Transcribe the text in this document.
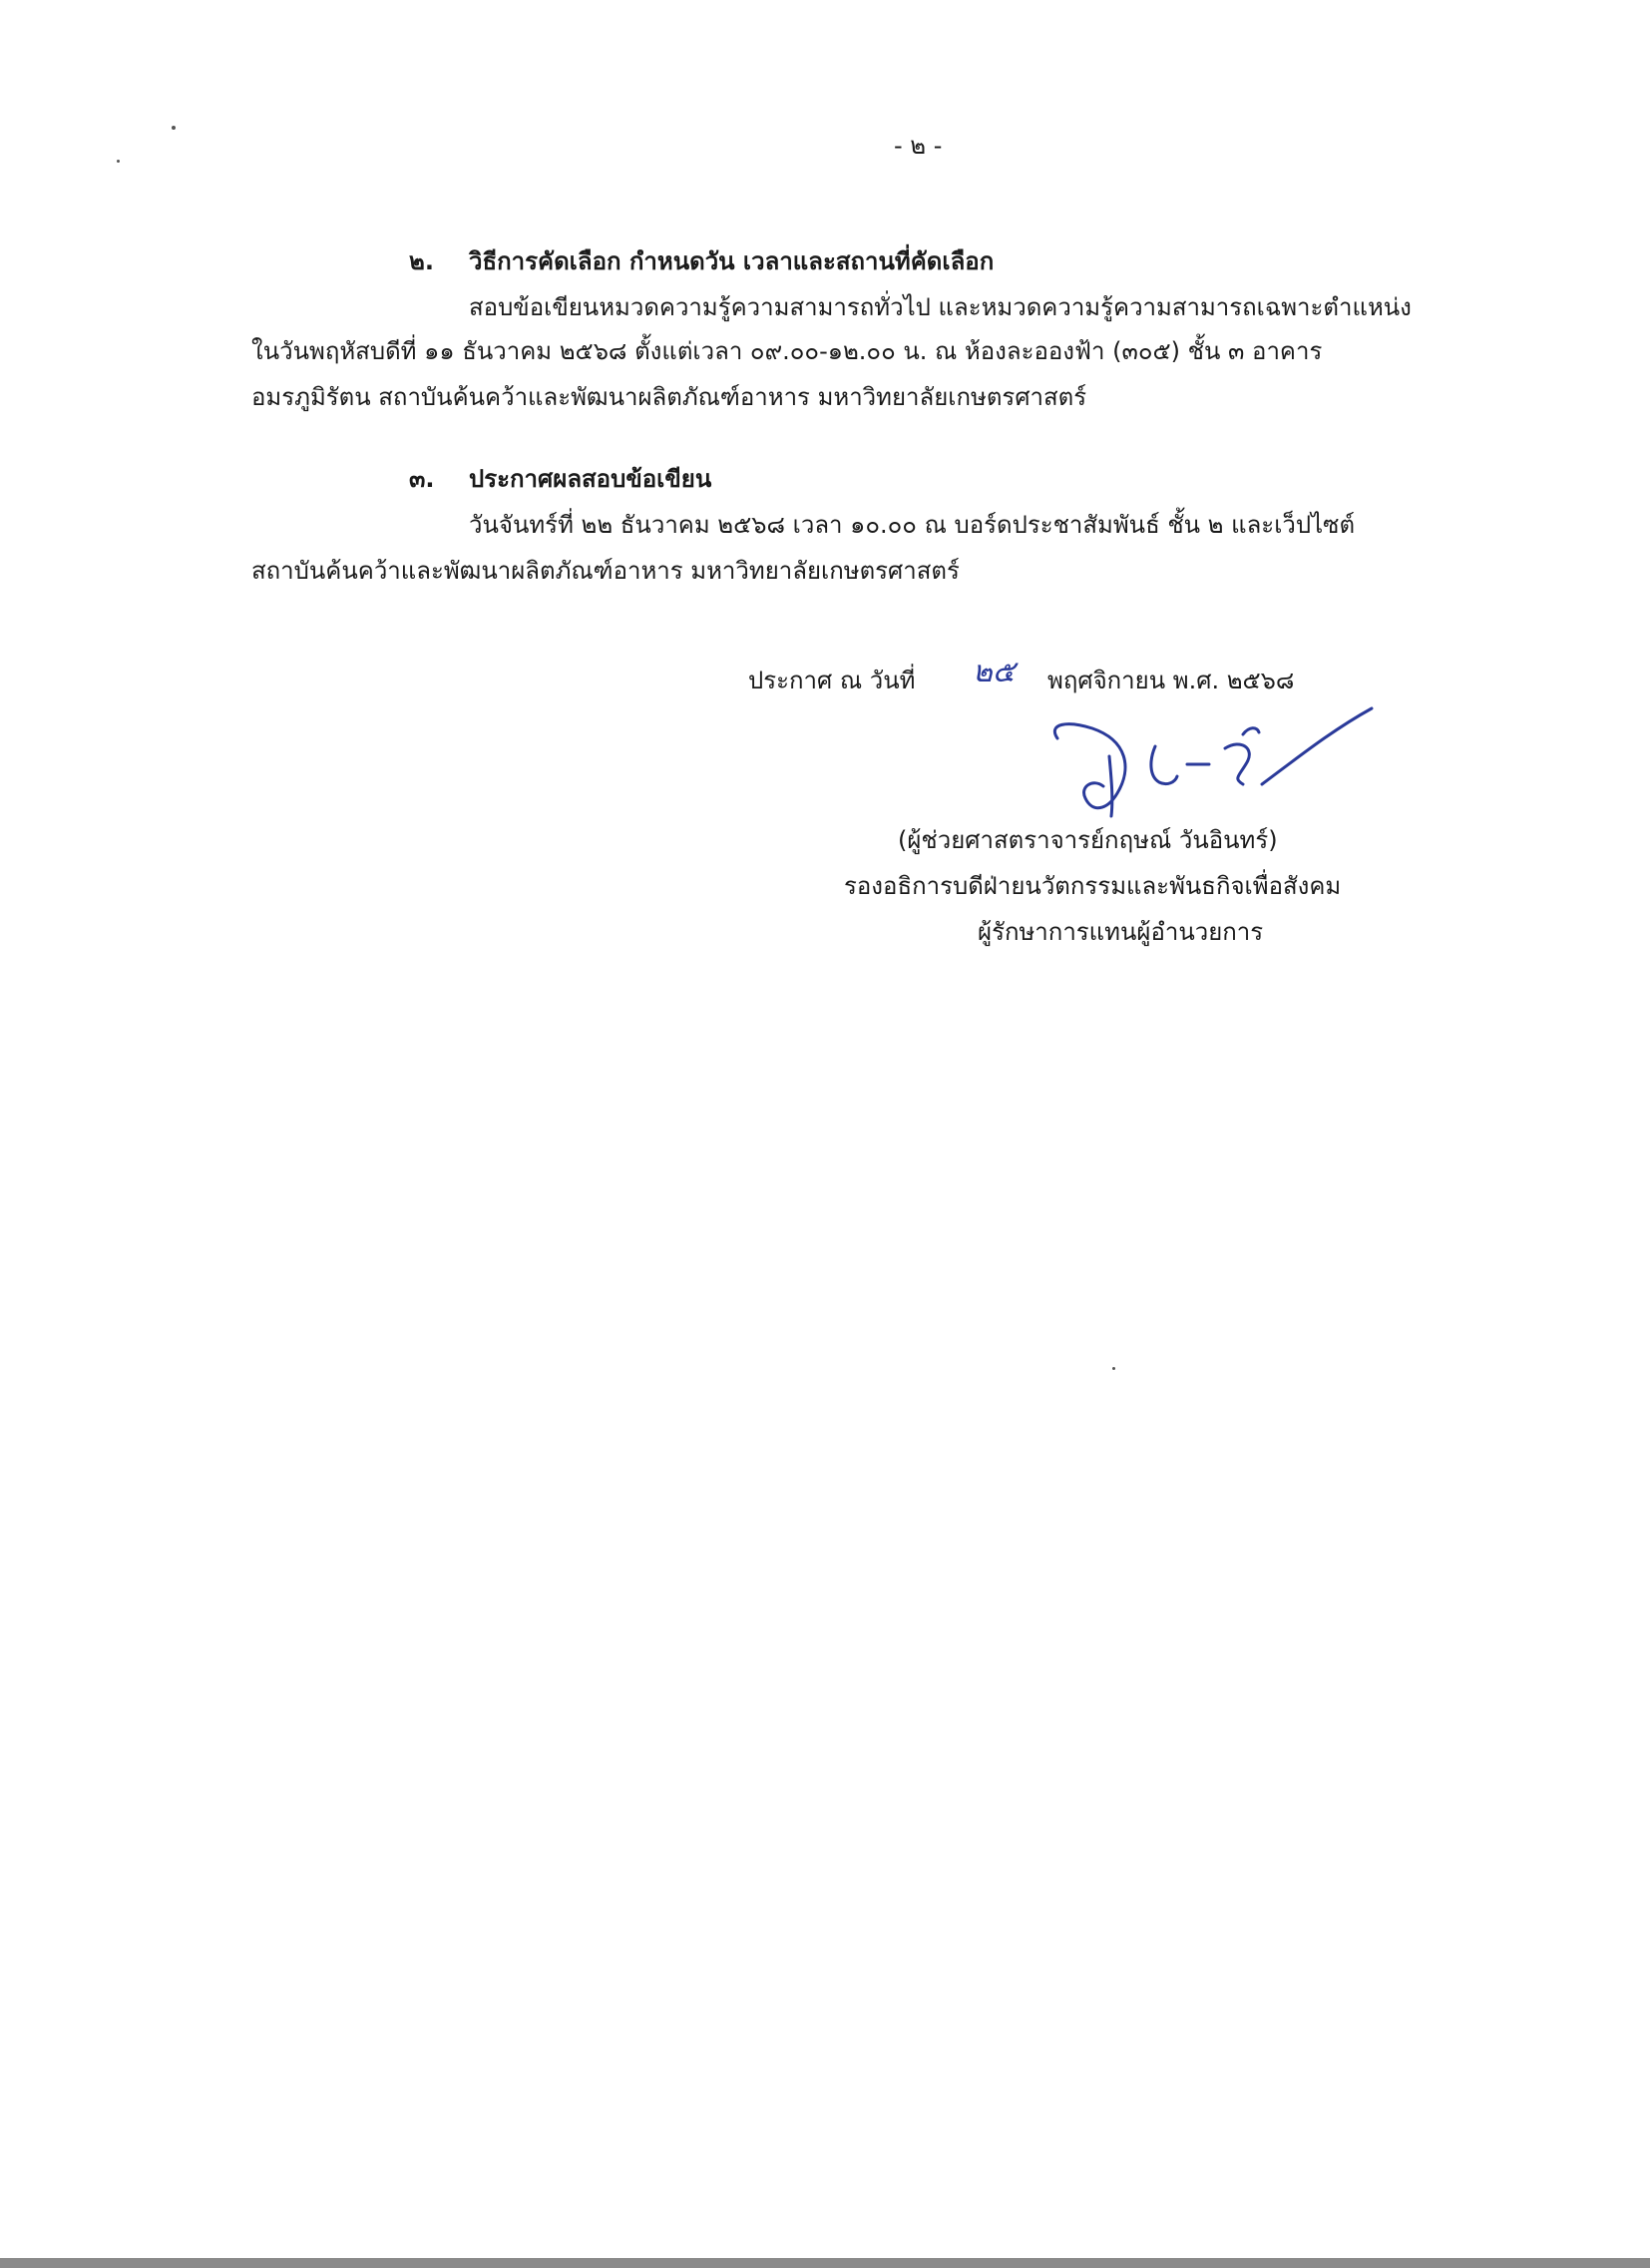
- ๒ -
๒. วิธีการคัดเลือก กำหนดวัน เวลาและสถานที่คัดเลือก
สอบข้อเขียนหมวดความรู้ความสามารถทั่วไป และหมวดความรู้ความสามารถเฉพาะตำแหน่ง
ในวันพฤหัสบดีที่ ๑๑ ธันวาคม ๒๕๖๘ ตั้งแต่เวลา ๐๙.๐๐-๑๒.๐๐ น. ณ ห้องละอองฟ้า (๓๐๕) ชั้น ๓ อาคาร
อมรภูมิรัตน สถาบันค้นคว้าและพัฒนาผลิตภัณฑ์อาหาร มหาวิทยาลัยเกษตรศาสตร์
๓. ประกาศผลสอบข้อเขียน
วันจันทร์ที่ ๒๒ ธันวาคม ๒๕๖๘ เวลา ๑๐.๐๐ ณ บอร์ดประชาสัมพันธ์ ชั้น ๒ และเว็ปไซต์
สถาบันค้นคว้าและพัฒนาผลิตภัณฑ์อาหาร มหาวิทยาลัยเกษตรศาสตร์
ประกาศ ณ วันที่ ๒๕ พฤศจิกายน พ.ศ. ๒๕๖๘
(ผู้ช่วยศาสตราจารย์กฤษณ์ วันอินทร์)
รองอธิการบดีฝ่ายนวัตกรรมและพันธกิจเพื่อสังคม
ผู้รักษาการแทนผู้อำนวยการ
